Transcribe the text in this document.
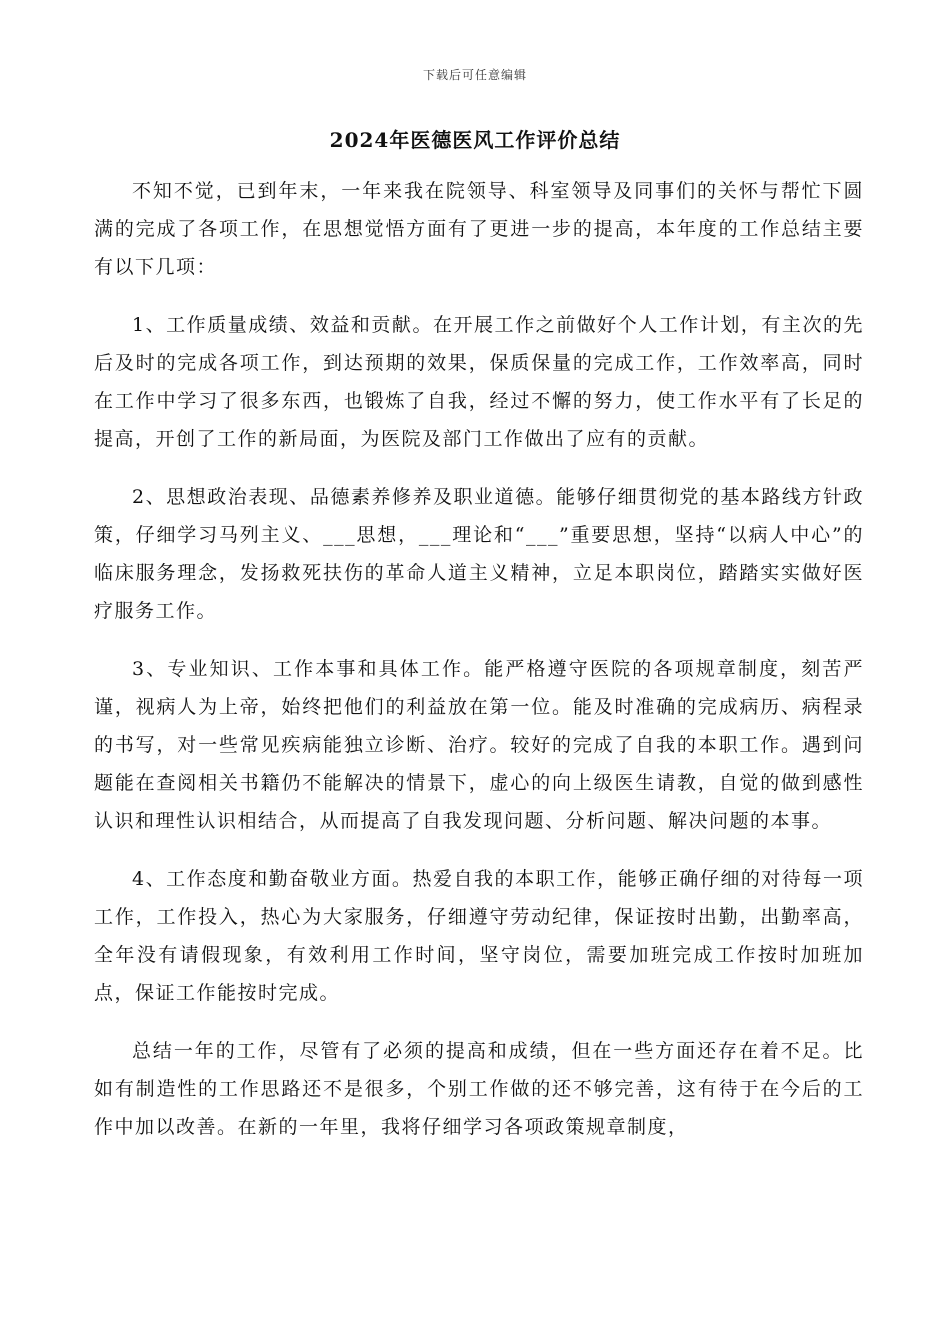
下载后可任意编辑
2024年医德医风工作评价总结

不知不觉，已到年末，一年来我在院领导、科室领导及同事们的关怀与帮忙下圆满的完成了各项工作，在思想觉悟方面有了更进一步的提高，本年度的工作总结主要有以下几项：

1、工作质量成绩、效益和贡献。在开展工作之前做好个人工作计划，有主次的先后及时的完成各项工作，到达预期的效果，保质保量的完成工作，工作效率高，同时在工作中学习了很多东西，也锻炼了自我，经过不懈的努力，使工作水平有了长足的提高，开创了工作的新局面，为医院及部门工作做出了应有的贡献。

2、思想政治表现、品德素养修养及职业道德。能够仔细贯彻党的基本路线方针政策，仔细学习马列主义、___思想，___理论和“___”重要思想，坚持“以病人中心”的临床服务理念，发扬救死扶伤的革命人道主义精神，立足本职岗位，踏踏实实做好医疗服务工作。

3、专业知识、工作本事和具体工作。能严格遵守医院的各项规章制度，刻苦严谨，视病人为上帝，始终把他们的利益放在第一位。能及时准确的完成病历、病程录的书写，对一些常见疾病能独立诊断、治疗。较好的完成了自我的本职工作。遇到问题能在查阅相关书籍仍不能解决的情景下，虚心的向上级医生请教，自觉的做到感性认识和理性认识相结合，从而提高了自我发现问题、分析问题、解决问题的本事。

4、工作态度和勤奋敬业方面。热爱自我的本职工作，能够正确仔细的对待每一项工作，工作投入，热心为大家服务，仔细遵守劳动纪律，保证按时出勤，出勤率高，全年没有请假现象，有效利用工作时间，坚守岗位，需要加班完成工作按时加班加点，保证工作能按时完成。

总结一年的工作，尽管有了必须的提高和成绩，但在一些方面还存在着不足。比如有制造性的工作思路还不是很多，个别工作做的还不够完善，这有待于在今后的工作中加以改善。在新的一年里，我将仔细学习各项政策规章制度，
